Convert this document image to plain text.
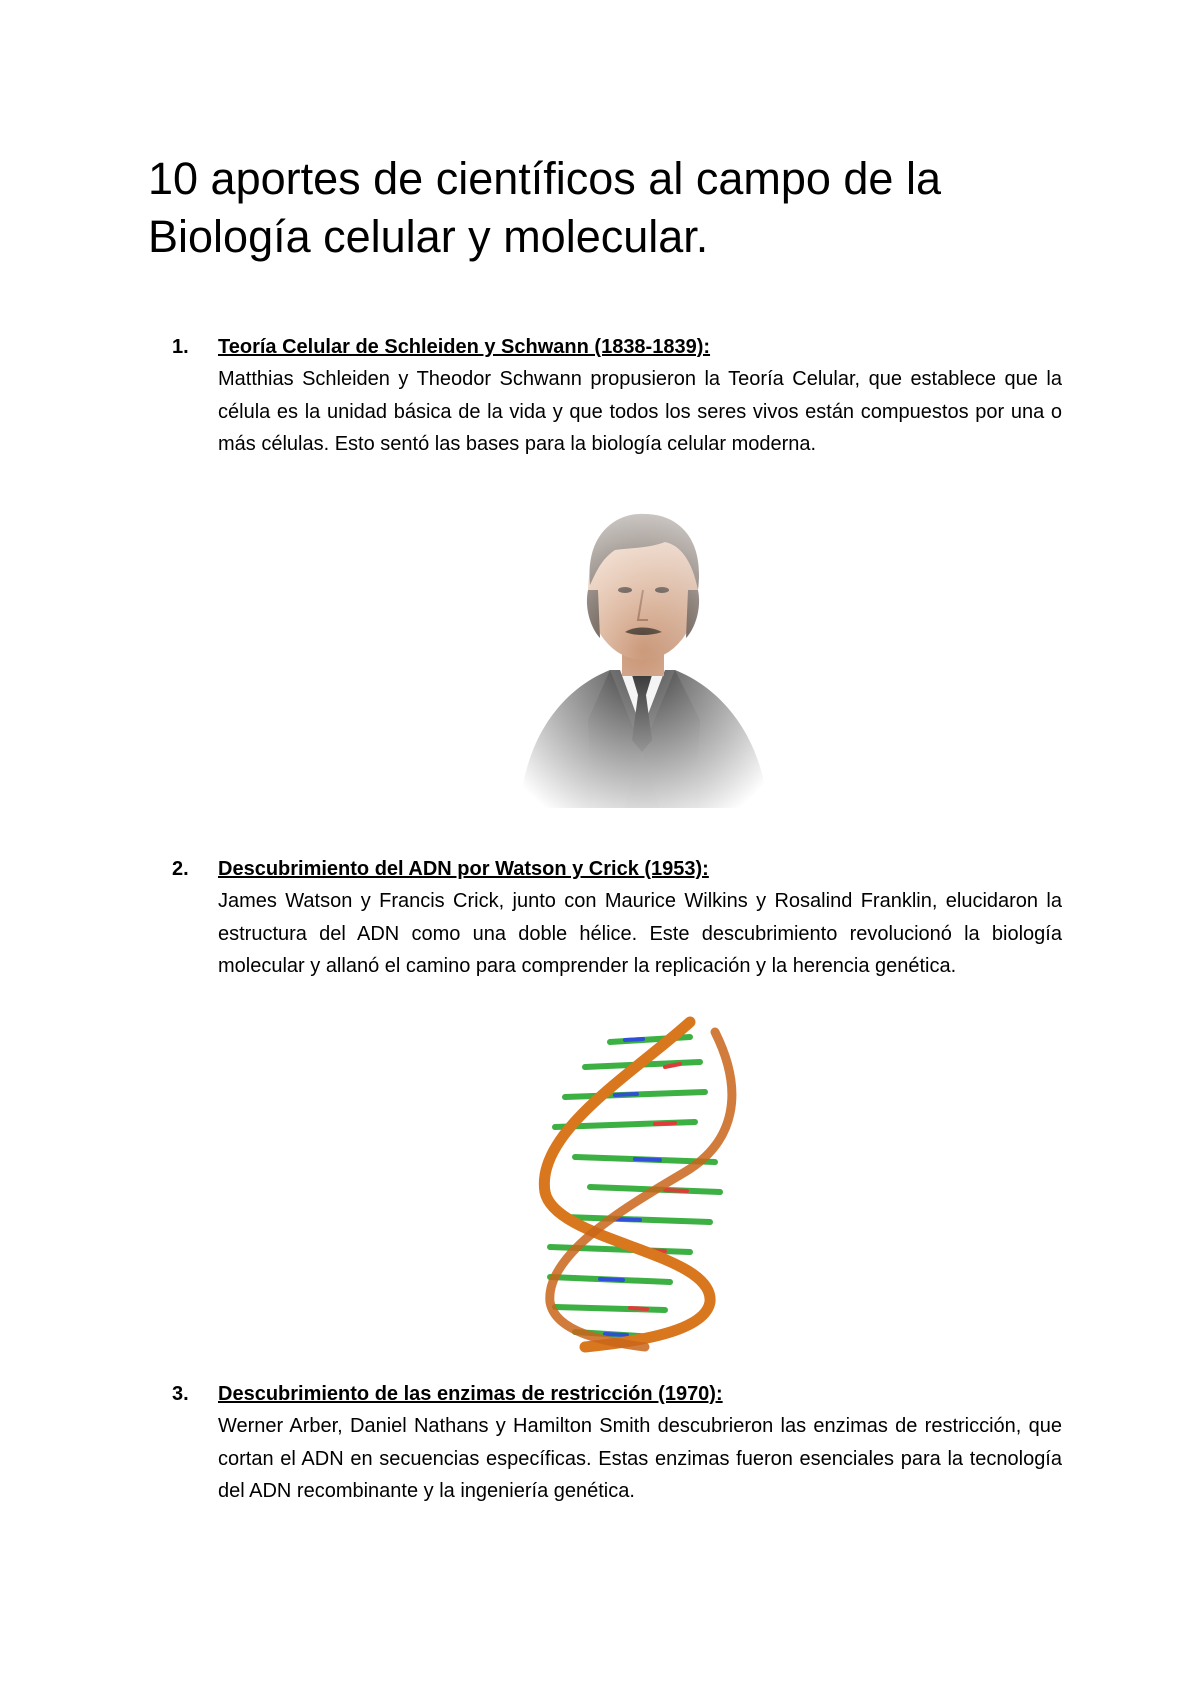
10 aportes de científicos al campo de la Biología celular y molecular.
1. Teoría Celular de Schleiden y Schwann (1838-1839):

Matthias Schleiden y Theodor Schwann propusieron la Teoría Celular, que establece que la célula es la unidad básica de la vida y que todos los seres vivos están compuestos por una o más células. Esto sentó las bases para la biología celular moderna.

2. Descubrimiento del ADN por Watson y Crick (1953):

James Watson y Francis Crick, junto con Maurice Wilkins y Rosalind Franklin, elucidaron la estructura del ADN como una doble hélice. Este descubrimiento revolucionó la biología molecular y allanó el camino para comprender la replicación y la herencia genética.

3. Descubrimiento de las enzimas de restricción (1970):

Werner Arber, Daniel Nathans y Hamilton Smith descubrieron las enzimas de restricción, que cortan el ADN en secuencias específicas. Estas enzimas fueron esenciales para la tecnología del ADN recombinante y la ingeniería genética.
